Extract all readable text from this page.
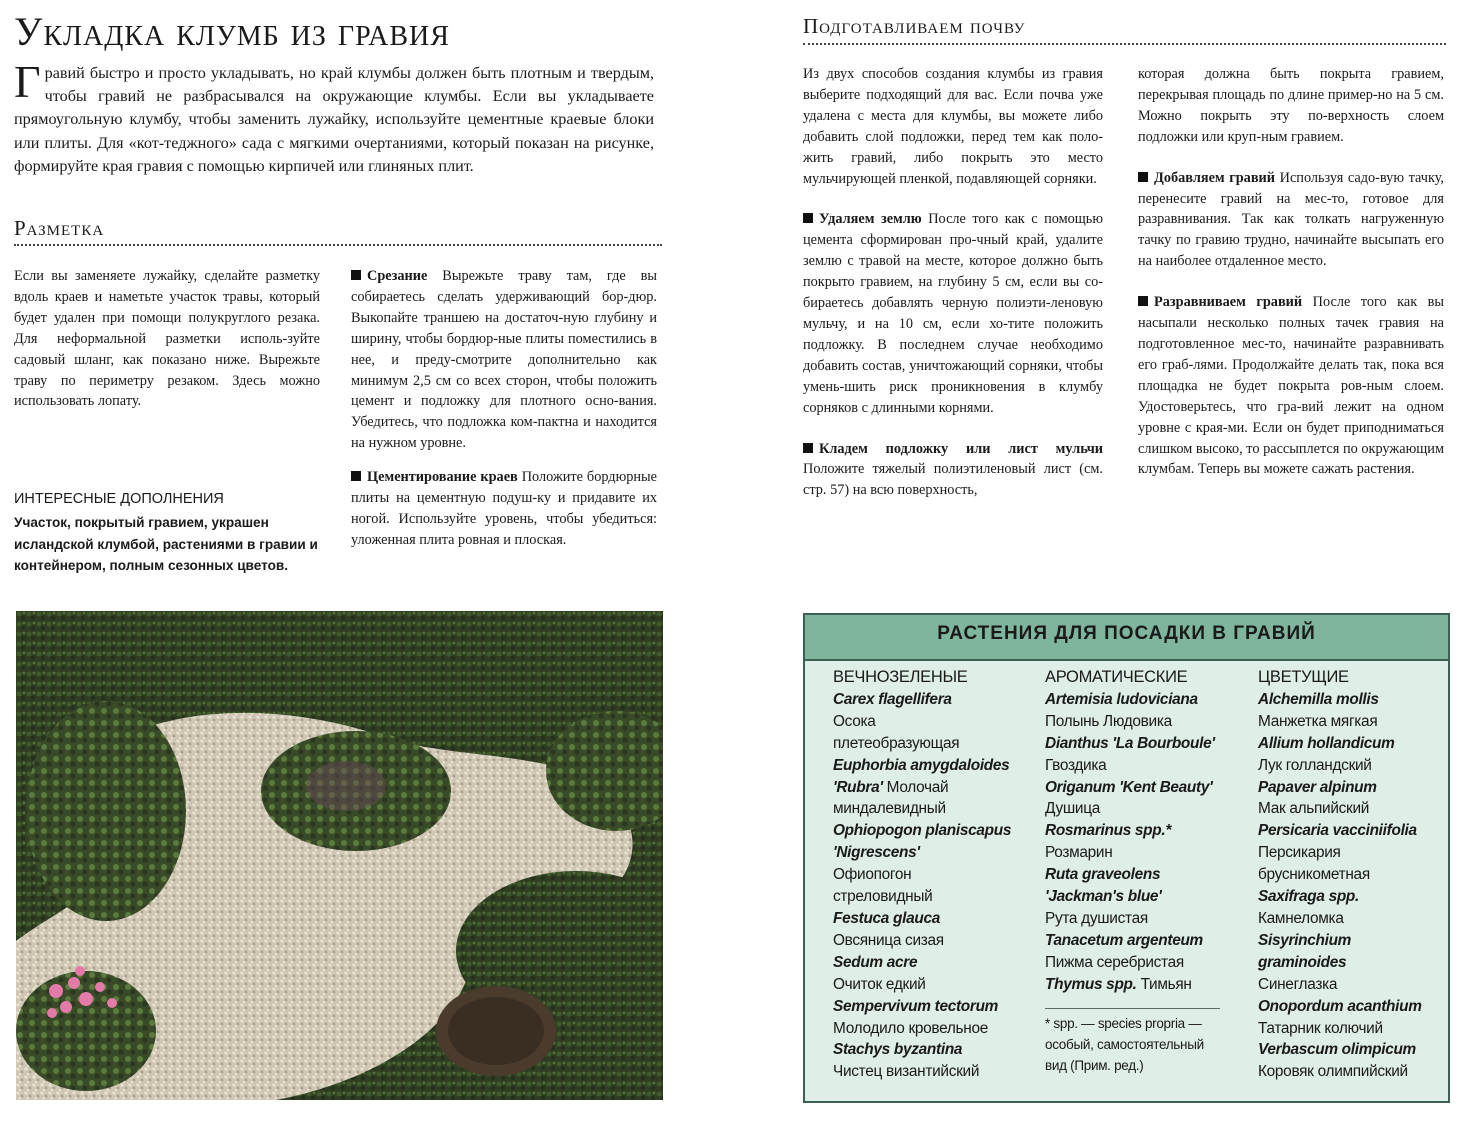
Укладка клумб из гравия
Гравий быстро и просто укладывать, но край клумбы должен быть плотным и твердым, чтобы гравий не разбрасывался на окружающие клумбы. Если вы укладываете прямоугольную клумбу, чтобы заменить лужайку, используйте цементные краевые блоки или плиты. Для «кот-теджного» сада с мягкими очертаниями, который показан на рисунке, формируйте края гравия с помощью кирпичей или глиняных плит.
Разметка
Если вы заменяете лужайку, сделайте разметку вдоль краев и наметьте участок травы, который будет удален при помощи полукруглого резака. Для неформальной разметки исполь-зуйте садовый шланг, как показано ниже. Вырежьте траву по периметру резаком. Здесь можно использовать лопату.
Срезание Вырежьте траву там, где вы собираетесь сделать удерживающий бор-дюр. Выкопайте траншею на достаточ-ную глубину и ширину, чтобы бордюр-ные плиты поместились в нее, и преду-смотрите дополнительно как минимум 2,5 см со всех сторон, чтобы положить цемент и подложку для плотного осно-вания. Убедитесь, что подложка ком-пактна и находится на нужном уровне.
Цементирование краев Положите бордюрные плиты на цементную подуш-ку и придавите их ногой. Используйте уровень, чтобы убедиться: уложенная плита ровная и плоская.
ИНТЕРЕСНЫЕ ДОПОЛНЕНИЯ
Участок, покрытый гравием, украшен исландской клумбой, растениями в гравии и контейнером, полным сезонных цветов.
Подготавливаем почву
Из двух способов создания клумбы из гравия выберите подходящий для вас. Если почва уже удалена с места для клумбы, вы можете либо добавить слой подложки, перед тем как поло-жить гравий, либо покрыть это место мульчирующей пленкой, подавляющей сорняки.
Удаляем землю После того как с помощью цемента сформирован про-чный край, удалите землю с травой на месте, которое должно быть покрыто гравием, на глубину 5 см, если вы со-бираетесь добавлять черную полиэти-леновую мульчу, и на 10 см, если хо-тите положить подложку. В последнем случае необходимо добавить состав, уничтожающий сорняки, чтобы умень-шить риск проникновения в клумбу сорняков с длинными корнями.
Кладем подложку или лист мульчи Положите тяжелый полиэтиленовый лист (см. стр. 57) на всю поверхность,
которая должна быть покрыта гравием, перекрывая площадь по длине пример-но на 5 см. Можно покрыть эту по-верхность слоем подложки или круп-ным гравием.
Добавляем гравий Используя садо-вую тачку, перенесите гравий на мес-то, готовое для разравнивания. Так как толкать нагруженную тачку по гравию трудно, начинайте высыпать его на наиболее отдаленное место.
Разравниваем гравий После того как вы насыпали несколько полных тачек гравия на подготовленное мес-то, начинайте разравнивать его граб-лями. Продолжайте делать так, пока вся площадка не будет покрыта ров-ным слоем. Удостоверьтесь, что гра-вий лежит на одном уровне с края-ми. Если он будет приподниматься слишком высоко, то рассыплется по окружающим клумбам. Теперь вы можете сажать растения.
РАСТЕНИЯ ДЛЯ ПОСАДКИ В ГРАВИЙ
ВЕЧНОЗЕЛЕНЫЕ
Carex flagellifera
Осока
плетеобразующая
Euphorbia amygdaloides
'Rubra' Молочай
миндалевидный
Ophiopogon planiscapus
'Nigrescens'
Офиопогон
стреловидный
Festuca glauca
Овсяница сизая
Sedum acre
Очиток едкий
Sempervivum tectorum
Молодило кровельное
Stachys byzantina
Чистец византийский
АРОМАТИЧЕСКИЕ
Artemisia ludoviciana
Полынь Людовика
Dianthus 'La Bourboule'
Гвоздика
Origanum 'Kent Beauty'
Душица
Rosmarinus spp.*
Розмарин
Ruta graveolens
'Jackman's blue'
Рута душистая
Tanacetum argenteum
Пижма серебристая
Thymus spp. Тимьян
* spp. — species propria —
особый, самостоятельный
вид (Прим. ред.)
ЦВЕТУЩИЕ
Alchemilla mollis
Манжетка мягкая
Allium hollandicum
Лук голландский
Papaver alpinum
Мак альпийский
Persicaria vacciniifolia
Персикария
брусникометная
Saxifraga spp.
Камнеломка
Sisyrinchium
graminoides
Синеглазка
Onopordum acanthium
Татарник колючий
Verbascum olimpicum
Коровяк олимпийский
